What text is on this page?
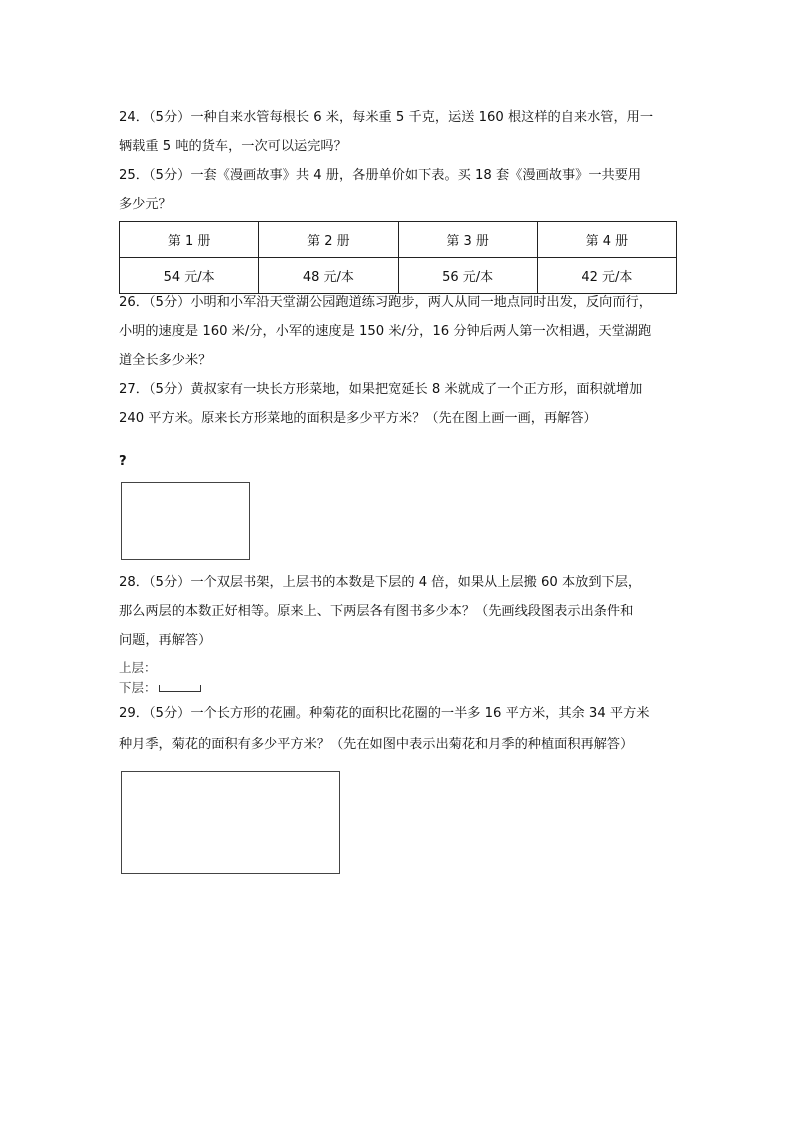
24．（5分）一种自来水管每根长 6 米，每米重 5 千克，运送 160 根这样的自来水管，用一
辆载重 5 吨的货车，一次可以运完吗？
25．（5分）一套《漫画故事》共 4 册，各册单价如下表。买 18 套《漫画故事》一共要用
多少元？
第 1 册	第 2 册	第 3 册	第 4 册
54 元/本	48 元/本	56 元/本	42 元/本
26．（5分）小明和小军沿天堂湖公园跑道练习跑步，两人从同一地点同时出发，反向而行，
小明的速度是 160 米/分，小军的速度是 150 米/分，16 分钟后两人第一次相遇，天堂湖跑
道全长多少米？
27．（5分）黄叔家有一块长方形菜地，如果把宽延长 8 米就成了一个正方形，面积就增加
240 平方米。原来长方形菜地的面积是多少平方米？（先在图上画一画，再解答）
?
28．（5分）一个双层书架，上层书的本数是下层的 4 倍，如果从上层搬 60 本放到下层，
那么两层的本数正好相等。原来上、下两层各有图书多少本？（先画线段图表示出条件和
问题，再解答）
上层：
下层：
29．（5分）一个长方形的花圃。种菊花的面积比花圈的一半多 16 平方米，其余 34 平方米
种月季，菊花的面积有多少平方米？（先在如图中表示出菊花和月季的种植面积再解答）
